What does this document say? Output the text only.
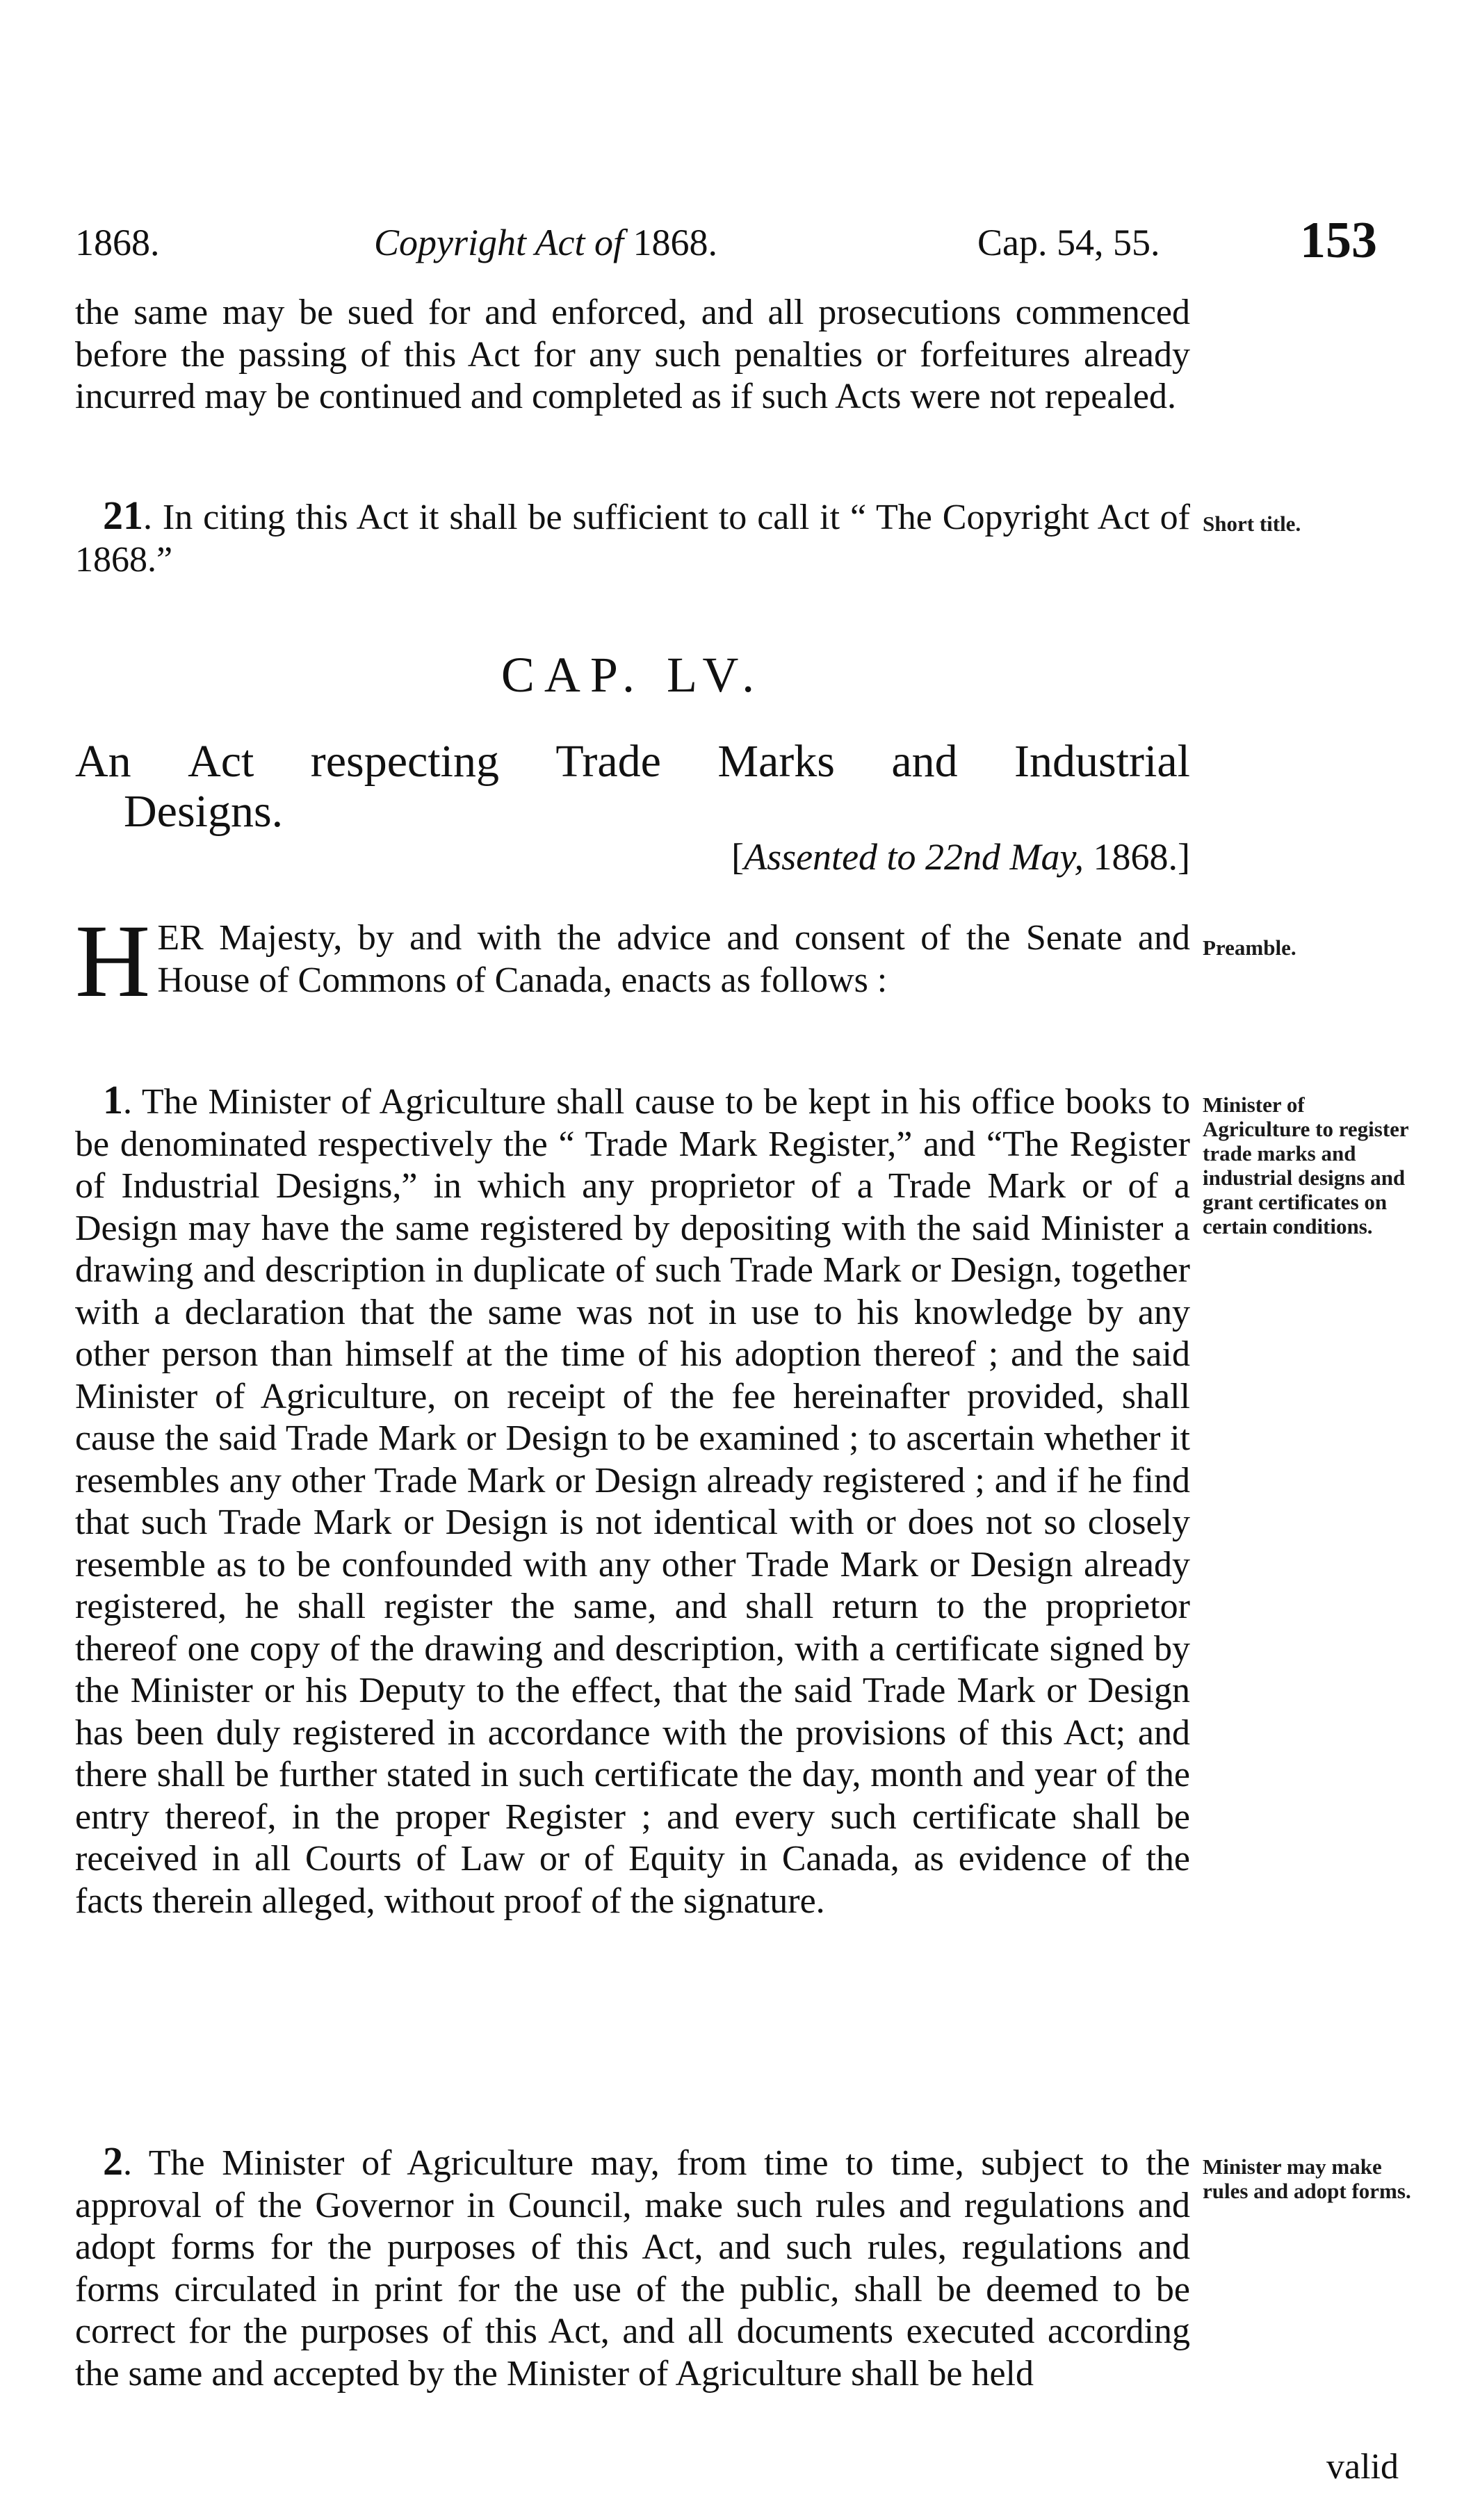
1868.	Copyright Act of 1868.	Cap. 54, 55.	153

the same may be sued for and enforced, and all prosecutions commenced before the passing of this Act for any such penalties or forfeitures already incurred may be continued and completed as if such Acts were not repealed.

21. In citing this Act it shall be sufficient to call it “ The Copyright Act of 1868.”

Short title.
CAP. LV.
An Act respecting Trade Marks and Industrial
Designs.
[Assented to 22nd May, 1868.]

HER Majesty, by and with the advice and consent of the Senate and House of Commons of Canada, enacts as follows :

Preamble.

1. The Minister of Agriculture shall cause to be kept in his office books to be denominated respectively the “ Trade Mark Register,” and “The Register of Industrial Designs,” in which any proprietor of a Trade Mark or of a Design may have the same registered by depositing with the said Minister a drawing and description in duplicate of such Trade Mark or Design, together with a declaration that the same was not in use to his knowledge by any other person than himself at the time of his adoption thereof ; and the said Minister of Agriculture, on receipt of the fee hereinafter provided, shall cause the said Trade Mark or Design to be examined ; to ascertain whether it resembles any other Trade Mark or Design already registered ; and if he find that such Trade Mark or Design is not identical with or does not so closely resemble as to be confounded with any other Trade Mark or Design already registered, he shall register the same, and shall return to the proprietor thereof one copy of the drawing and description, with a certificate signed by the Minister or his Deputy to the effect, that the said Trade Mark or Design has been duly registered in accordance with the provisions of this Act; and there shall be further stated in such certificate the day, month and year of the entry thereof, in the proper Register ; and every such certificate shall be received in all Courts of Law or of Equity in Canada, as evidence of the facts therein alleged, without proof of the signature.

Minister of Agriculture to register trade marks and industrial designs and grant certificates on certain conditions.

2. The Minister of Agriculture may, from time to time, subject to the approval of the Governor in Council, make such rules and regulations and adopt forms for the purposes of this Act, and such rules, regulations and forms circulated in print for the use of the public, shall be deemed to be correct for the purposes of this Act, and all documents executed according the same and accepted by the Minister of Agriculture shall be held

Minister may make rules and adopt forms.
valid
